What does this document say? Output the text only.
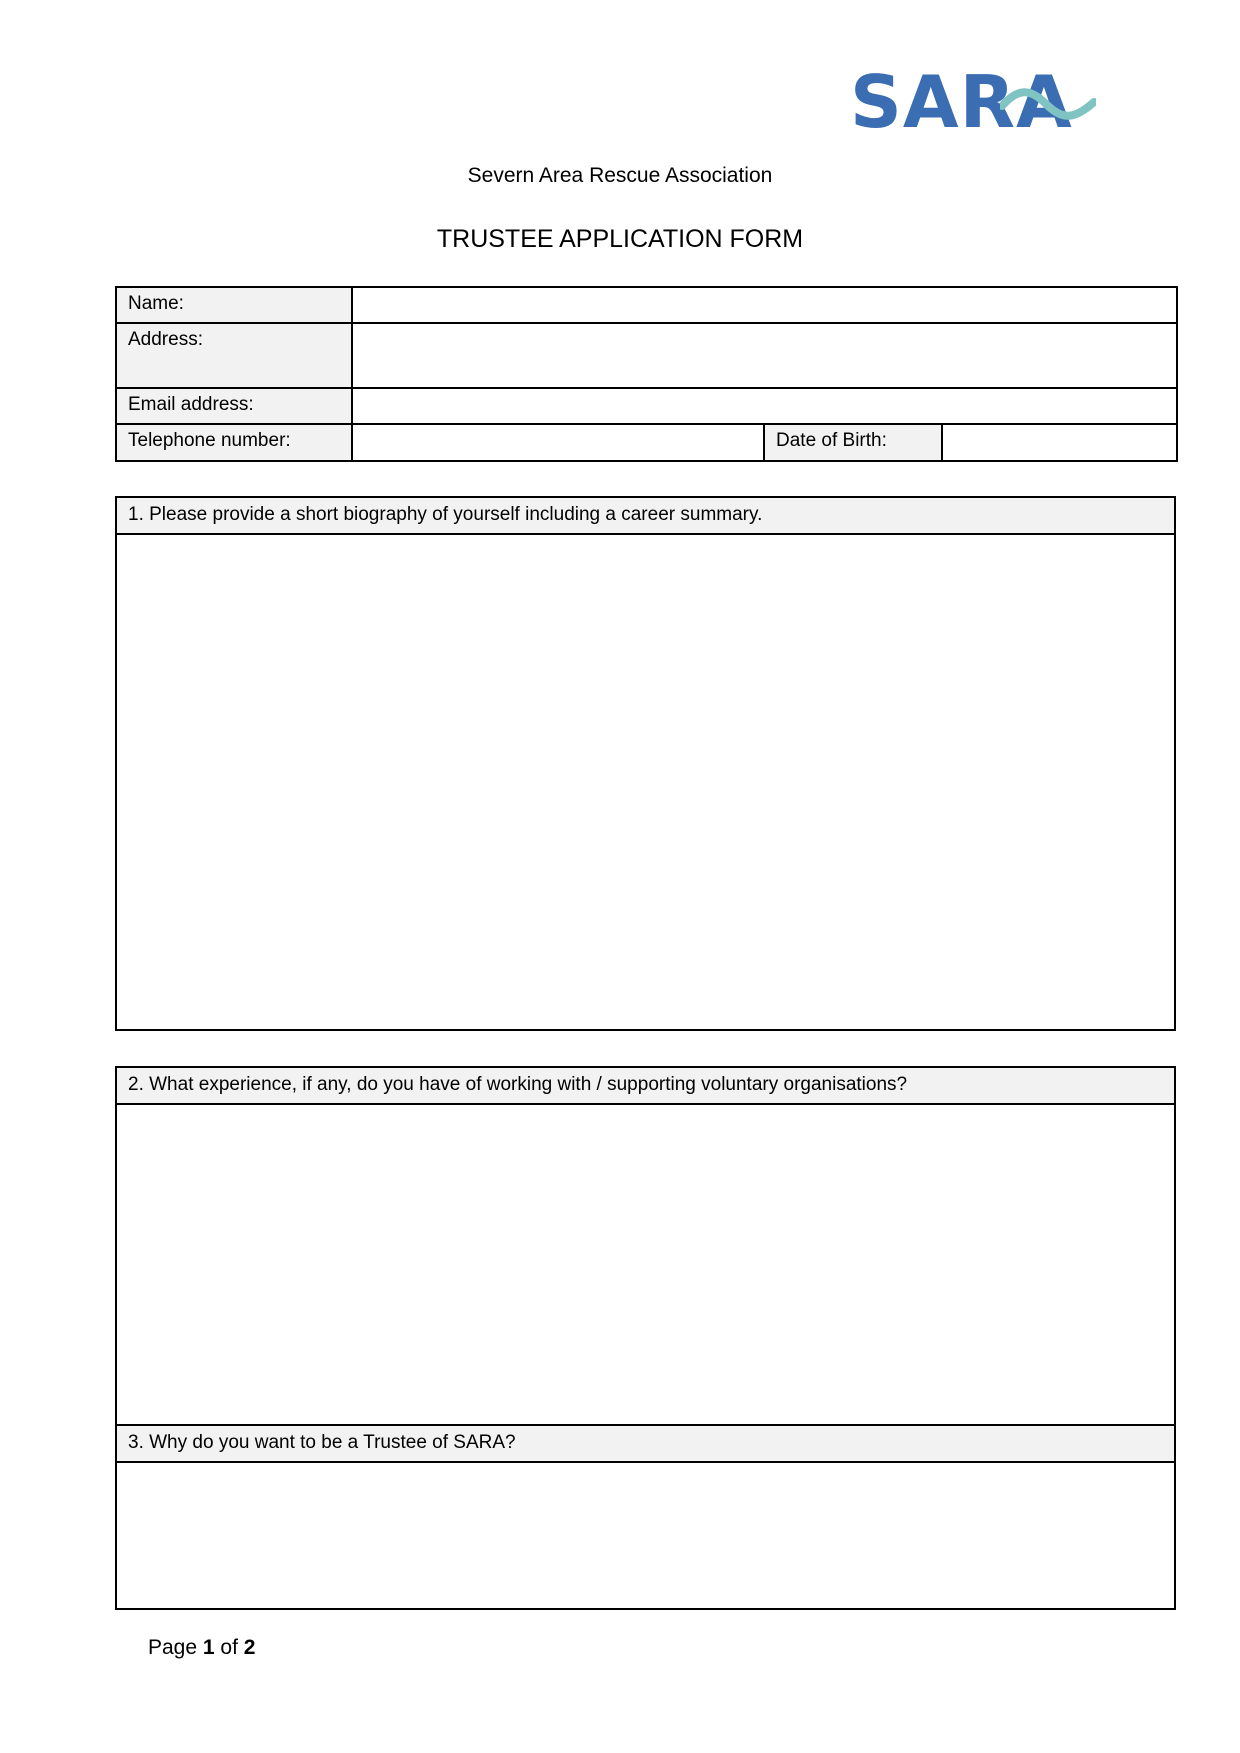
SARA
Severn Area Rescue Association
TRUSTEE APPLICATION FORM
Name:			
Address:			
Email address:			
Telephone number:		Date of Birth:	
1. Please provide a short biography of yourself including a career summary.

2. What experience, if any, do you have of working with / supporting voluntary organisations?

3. Why do you want to be a Trustee of SARA?

Page 1 of 2
